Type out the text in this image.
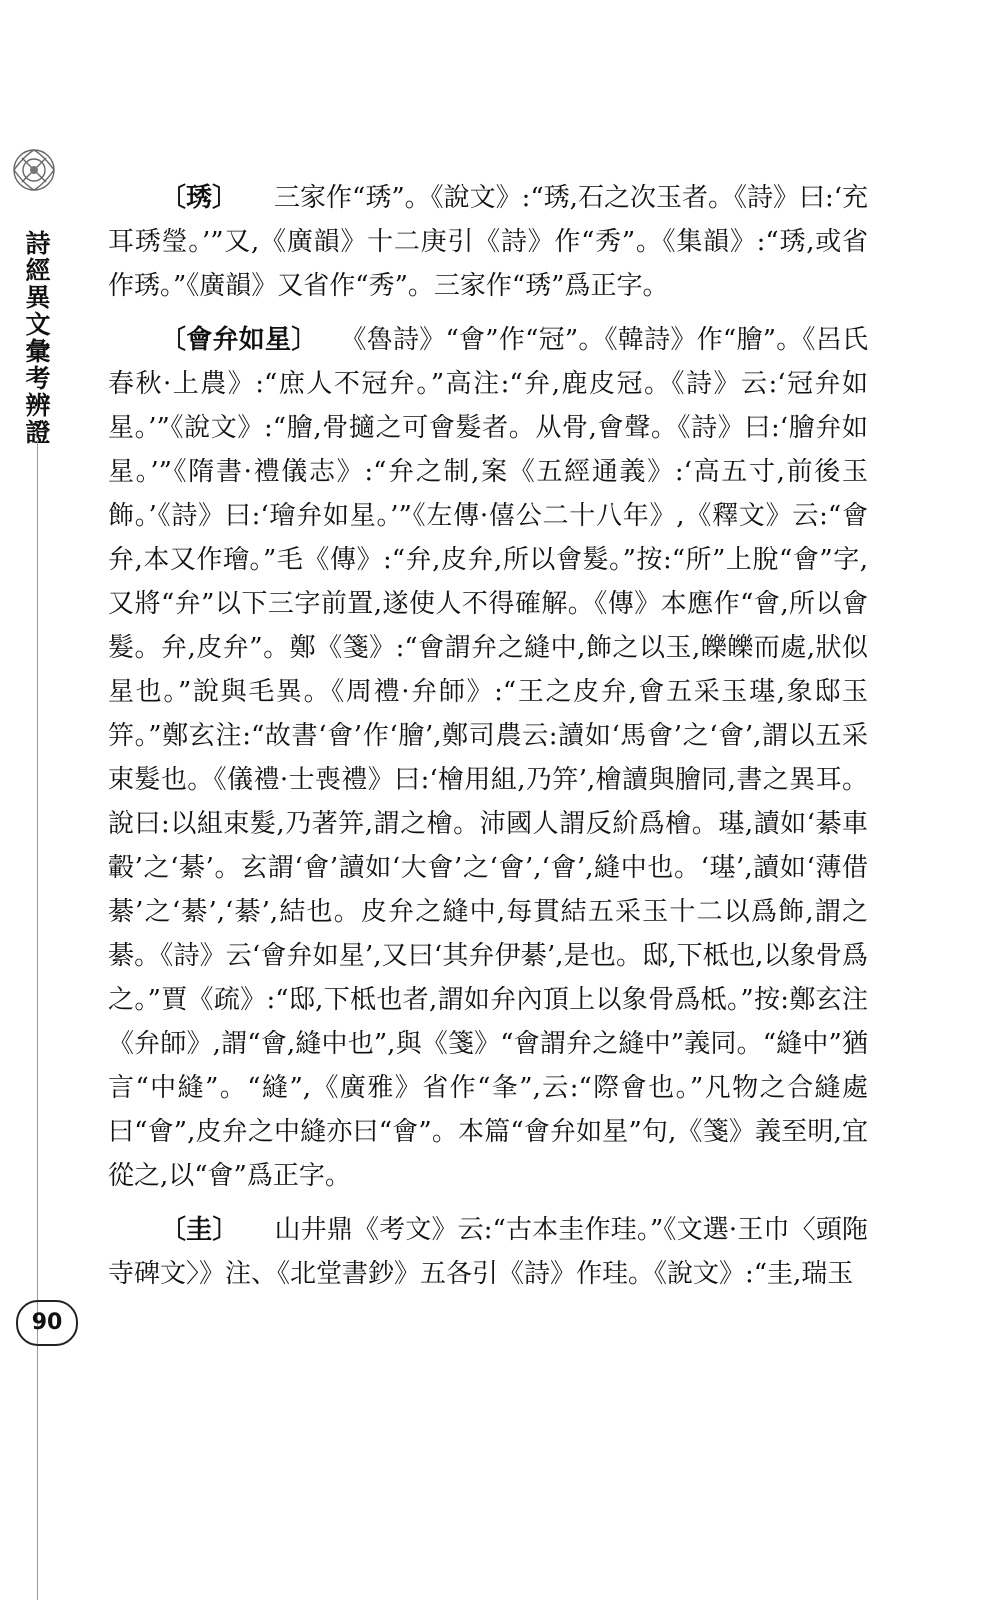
詩
經
異
文
彙
考
辨
證

〔琇〕 三家作“琇”。《說文》:“琇,石之次玉者。《詩》曰:‘充耳琇瑩。’”又,《廣韻》十二庚引《詩》作“秀”。《集韻》:“琇,或省作琇。”《廣韻》又省作“秀”。三家作“琇”爲正字。

〔會弁如星〕 《魯詩》“會”作“冠”。《韓詩》作“膾”。《呂氏春秋·上農》:“庶人不冠弁。”高注:“弁,鹿皮冠。《詩》云:‘冠弁如星。’”《說文》:“膾,骨擿之可會髮者。从骨,會聲。《詩》曰:‘膾弁如星。’”《隋書·禮儀志》:“弁之制,案《五經通義》:‘高五寸,前後玉飾。’《詩》曰:‘璯弁如星。’”《左傳·僖公二十八年》,《釋文》云:“會弁,本又作璯。”毛《傳》:“弁,皮弁,所以會髮。”按:“所”上脫“會”字,又將“弁”以下三字前置,遂使人不得確解。《傳》本應作“會,所以會髮。弁,皮弁”。鄭《箋》:“會謂弁之縫中,飾之以玉,皪皪而處,狀似星也。”說與毛異。《周禮·弁師》:“王之皮弁,會五采玉璂,象邸玉笄。”鄭玄注:“故書‘會’作‘膾’,鄭司農云:讀如‘馬會’之‘會’,謂以五采束髮也。《儀禮·士喪禮》曰:‘檜用組,乃笄’,檜讀與膾同,書之異耳。說曰:以組束髮,乃著笄,謂之檜。沛國人謂反紒爲檜。璂,讀如‘綦車轂’之‘綦’。玄謂‘會’讀如‘大會’之‘會’,‘會’,縫中也。‘璂’,讀如‘薄借綦’之‘綦’,‘綦’,結也。皮弁之縫中,每貫結五采玉十二以爲飾,謂之綦。《詩》云‘會弁如星’,又曰‘其弁伊綦’,是也。邸,下柢也,以象骨爲之。”賈《疏》:“邸,下柢也者,謂如弁內頂上以象骨爲柢。”按:鄭玄注《弁師》,謂“會,縫中也”,與《箋》“會謂弁之縫中”義同。“縫中”猶言“中縫”。“縫”,《廣雅》省作“夆”,云:“際會也。”凡物之合縫處曰“會”,皮弁之中縫亦曰“會”。本篇“會弁如星”句,《箋》義至明,宜從之,以“會”爲正字。

〔圭〕 山井鼎《考文》云:“古本圭作珪。”《文選·王巾〈頭陁寺碑文〉》注、《北堂書鈔》五各引《詩》作珪。《說文》:“圭,瑞玉

90
